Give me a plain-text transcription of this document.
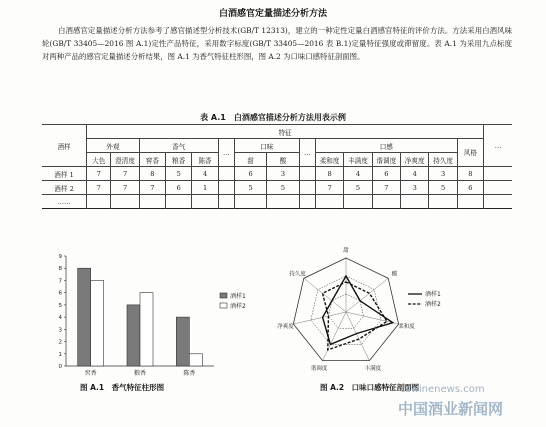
白酒感官定量描述分析方法

白酒感官定量描述分析方法参考了感官描述型分析技术(GB/T 12313)，建立的一种定性定量白酒感官特征的评价方法。方法采用白酒风味轮(GB/T 33405—2016 图 A.1)定性产品特征，采用数字标度(GB/T 33405—2016 表 B.1)定量特征强度或滞留度。表 A.1 为采用九点标度对两种产品的感官定量描述分析结果，图 A.1 为香气特征柱形图，图 A.2 为口味口感特征剖面图。

表 A.1　白酒感官描述分析方法用表示例
酒样	特征															…
	外观		香气			…	口味		…	口感					风格	
	大色	澄清度	窖香	粮香	陈香		甜	酸		柔和度	丰满度	谐调度	净爽度	持久度		
酒样 1	7	7	8	5	4		6	3		8	4	6	4	3	8	
酒样 2	7	7	7	6	1		5	5		7	5	7	3	5	6	
……																
0
1
2
3
4
5
6
7
8
9
窖香	粮香	陈香
酒样1
酒样2
图 A.1　香气特征柱形图
甜
酸
柔和度
丰满度
谐调度
净爽度
持久度
酒样1
酒样2
图 A.2　口味口感特征剖面图
cswinenews.com
中国酒业新闻网
